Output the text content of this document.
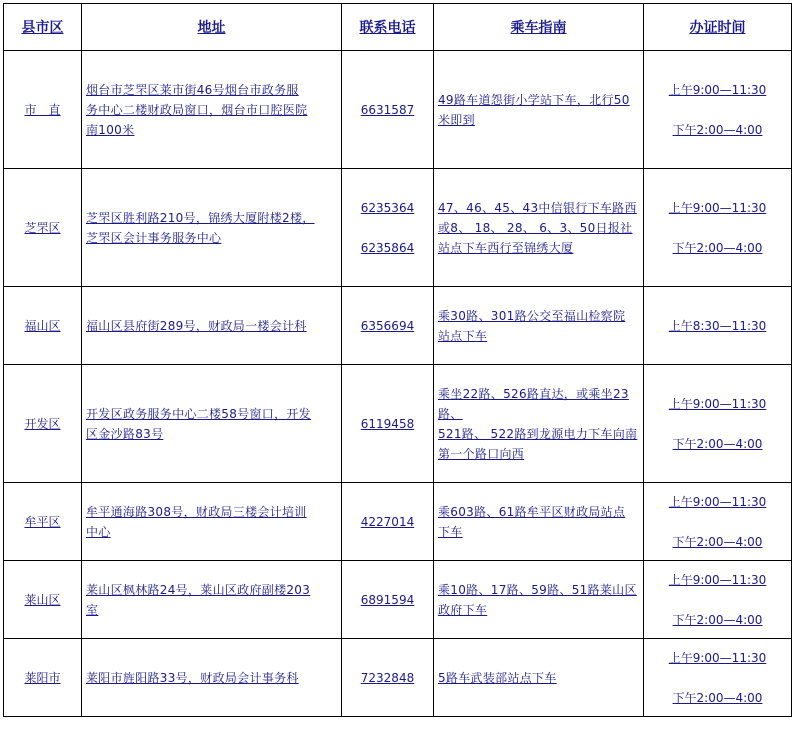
县市区	地址	联系电话	乘车指南	办证时间
市　直	烟台市芝罘区莱市街46号烟台市政务服
务中心二楼财政局窗口，烟台市口腔医院
南100米	6631587	49路车道怨街小学站下车，北行50
米即到	上午9:00—11:30
下午2:00—4:00

芝罘区	芝罘区胜利路210号，锦绣大厦附楼2楼，
芝罘区会计事务服务中心	6235364
6235864	47、46、45、43中信银行下车路西
或8、 18、 28、 6、3、50日报社
站点下车西行至锦绣大厦	上午9:00—11:30
下午2:00—4:00

福山区	福山区县府街289号，财政局一楼会计科	6356694	乘30路、301路公交至福山检察院
站点下车	上午8:30—11:30

开发区	开发区政务服务中心二楼58号窗口，开发
区金沙路83号	6119458	乘坐22路、526路直达，或乘坐23路、
521路、 522路到龙源电力下车向南
第一个路口向西	上午9:00—11:30
下午2:00—4:00

牟平区	牟平通海路308号，财政局三楼会计培训
中心	4227014	乘603路、61路牟平区财政局站点
下车	上午9:00—11:30
下午2:00—4:00

莱山区	莱山区枫林路24号，莱山区政府副楼203
室	6891594	乘10路、17路、59路、51路莱山区
政府下车	上午9:00—11:30
下午2:00—4:00

莱阳市	莱阳市旌阳路33号，财政局会计事务科	7232848	5路车武装部站点下车	上午9:00—11:30
下午2:00—4:00
